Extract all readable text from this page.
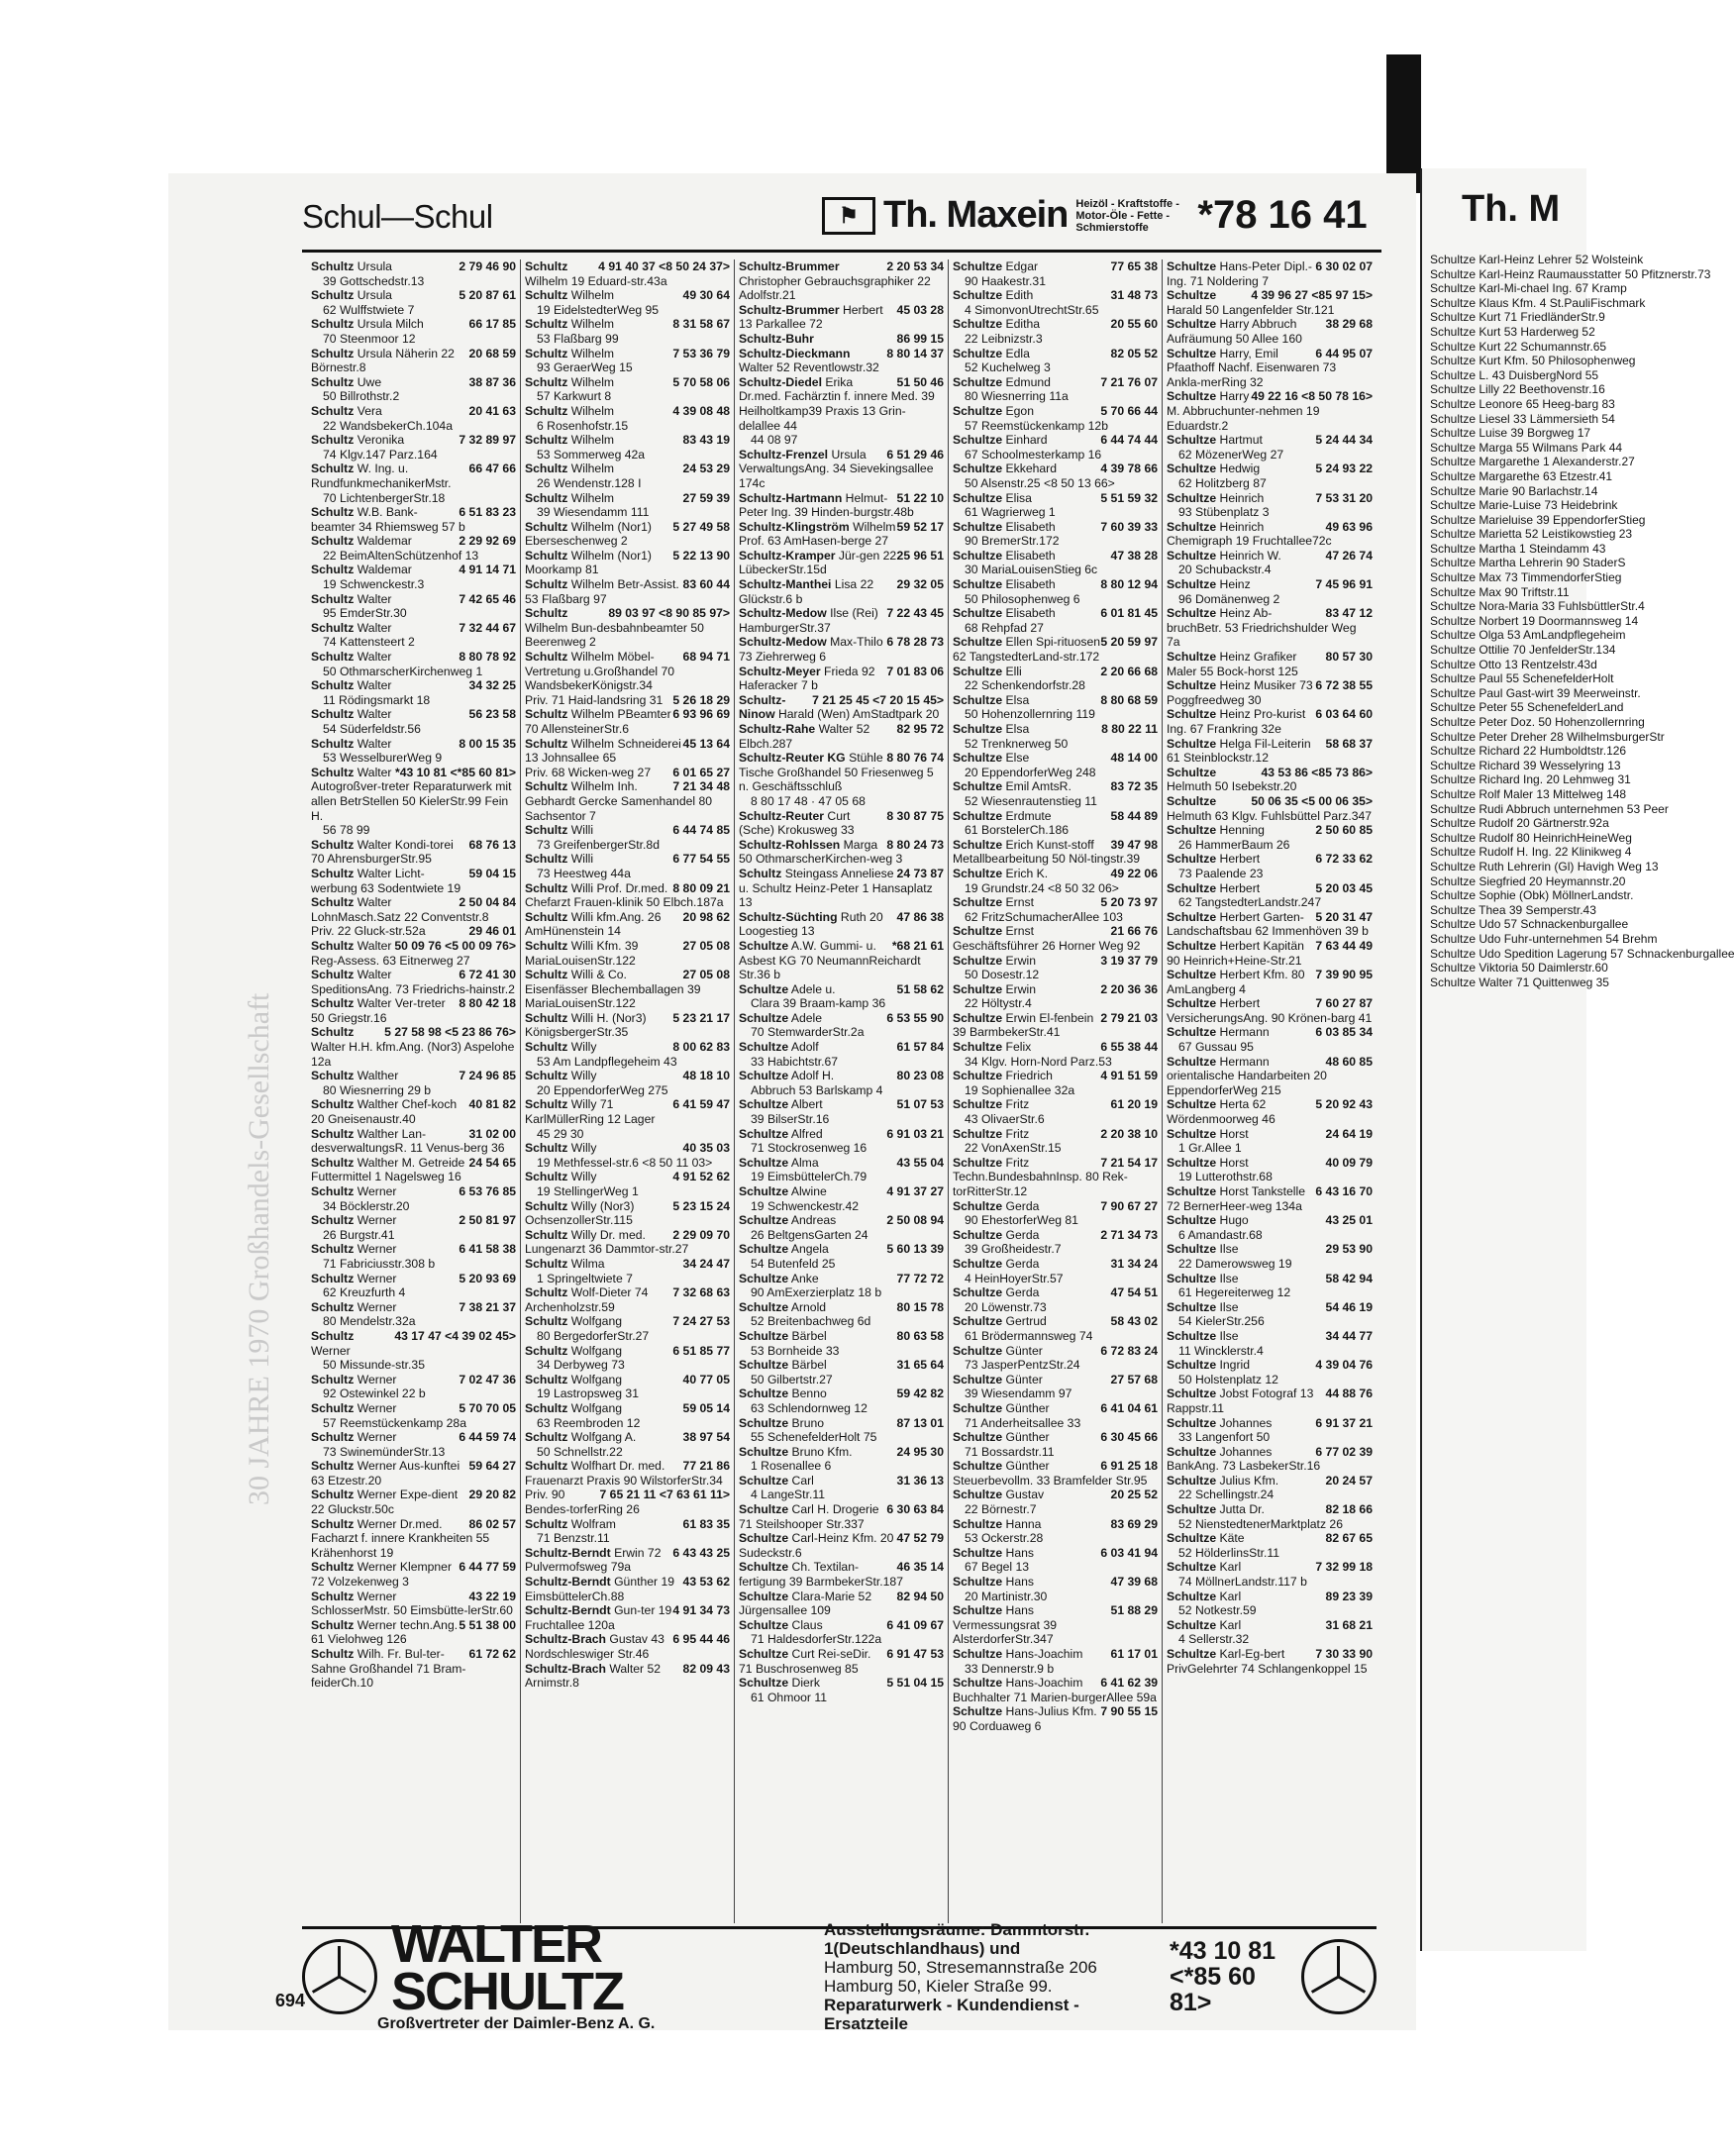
Th. M
Schultze Karl-Heinz Lehrer 52 Wolsteink
Schultze Karl-Heinz Raumausstatter 50 Pfitznerstr.73
Schultze Karl-Mi-chael Ing. 67 Kramp
Schultze Klaus Kfm. 4 St.PauliFischmark
Schultze Kurt 71 FriedländerStr.9
Schultze Kurt 53 Harderweg 52
Schultze Kurt 22 Schumannstr.65
Schultze Kurt Kfm. 50 Philosophenweg
Schultze L. 43 DuisbergNord 55
Schultze Lilly 22 Beethovenstr.16
Schultze Leonore 65 Heeg-barg 83
Schultze Liesel 33 Lämmersieth 54
Schultze Luise 39 Borgweg 17
Schultze Marga 55 Wilmans Park 44
Schultze Margarethe 1 Alexanderstr.27
Schultze Margarethe 63 Etzestr.41
Schultze Marie 90 Barlachstr.14
Schultze Marie-Luise 73 Heidebrink
Schultze Marieluise 39 EppendorferStieg
Schultze Marietta 52 Leistikowstieg 23
Schultze Martha 1 Steindamm 43
Schultze Martha Lehrerin 90 StaderS
Schultze Max 73 TimmendorferStieg
Schultze Max 90 Triftstr.11
Schultze Nora-Maria 33 FuhlsbüttlerStr.4
Schultze Norbert 19 Doormannsweg 14
Schultze Olga 53 AmLandpflegeheim
Schultze Ottilie 70 JenfelderStr.134
Schultze Otto 13 Rentzelstr.43d
Schultze Paul 55 SchenefelderHolt
Schultze Paul Gast-wirt 39 Meerweinstr.
Schultze Peter 55 SchenefelderLand
Schultze Peter Doz. 50 Hohenzollernring
Schultze Peter Dreher 28 WilhelmsburgerStr
Schultze Richard 22 Humboldtstr.126
Schultze Richard 39 Wesselyring 13
Schultze Richard Ing. 20 Lehmweg 31
Schultze Rolf Maler 13 Mittelweg 148
Schultze Rudi Abbruch unternehmen 53 Peer
Schultze Rudolf 20 Gärtnerstr.92a
Schultze Rudolf 80 HeinrichHeineWeg
Schultze Rudolf H. Ing. 22 Klinikweg 4
Schultze Ruth Lehrerin (Gl) Havigh Weg 13
Schultze Siegfried 20 Heymannstr.20
Schultze Sophie (Obk) MöllnerLandstr.
Schultze Thea 39 Semperstr.43
Schultze Udo 57 Schnackenburgallee
Schultze Udo Fuhr-unternehmen 54 Brehm
Schultze Udo Spedition Lagerung 57 Schnackenburgallee
Schultze Viktoria 50 Daimlerstr.60
Schultze Walter 71 Quittenweg 35
30 JAHRE 1970 Großhandels-Gesellschaft
Schul—Schul	⚑ Th. Maxein Heizöl - Kraftstoffe - Motor-Öle - Fette - Schmierstoffe	*78 16 41
2 79 46 90
Schultz Ursula
39 Gottschedstr.13
5 20 87 61
Schultz Ursula
62 Wulffstwiete 7
66 17 85
Schultz Ursula Milch
70 Steenmoor 12
20 68 59
Schultz Ursula Näherin 22 Börnestr.8
38 87 36
Schultz Uwe
50 Billrothstr.2
20 41 63
Schultz Vera
22 WandsbekerCh.104a
7 32 89 97
Schultz Veronika
74 Klgv.147 Parz.164
66 47 66
Schultz W. Ing. u. RundfunkmechanikerMstr.
70 LichtenbergerStr.18
6 51 83 23
Schultz W.B. Bank-beamter 34 Rhiemsweg 57 b
2 29 92 69
Schultz Waldemar
22 BeimAltenSchützenhof 13
4 91 14 71
Schultz Waldemar
19 Schwenckestr.3
7 42 65 46
Schultz Walter
95 EmderStr.30
7 32 44 67
Schultz Walter
74 Kattensteert 2
8 80 78 92
Schultz Walter
50 OthmarscherKirchenweg 1
34 32 25
Schultz Walter
11 Rödingsmarkt 18
56 23 58
Schultz Walter
54 Süderfeldstr.56
8 00 15 35
Schultz Walter
53 WesselburerWeg 9
*43 10 81 <*85 60 81>
Schultz Walter Autogroßver-treter Reparaturwerk mit allen BetrStellen 50 KielerStr.99 Fein H.
56 78 99
68 76 13
Schultz Walter Kondi-torei 70 AhrensburgerStr.95
59 04 15
Schultz Walter Licht-werbung 63 Sodentwiete 19
2 50 04 84
Schultz Walter LohnMasch.Satz 22 Conventstr.8
29 46 01
Priv. 22 Gluck-str.52a
50 09 76 <5 00 09 76>
Schultz Walter Reg-Assess. 63 Eitnerweg 27
6 72 41 30
Schultz Walter SpeditionsAng. 73 Friedrichs-hainstr.2
8 80 42 18
Schultz Walter Ver-treter 50 Griegstr.16
5 27 58 98 <5 23 86 76>
Schultz Walter H.H. kfm.Ang. (Nor3) Aspelohe 12a
7 24 96 85
Schultz Walther
80 Wiesnerring 29 b
40 81 82
Schultz Walther Chef-koch 20 Gneisenaustr.40
31 02 00
Schultz Walther Lan-desverwaltungsR. 11 Venus-berg 36
24 54 65
Schultz Walther M. Getreide Futtermittel 1 Nagelsweg 16
6 53 76 85
Schultz Werner
34 Böcklerstr.20
2 50 81 97
Schultz Werner
26 Burgstr.41
6 41 58 38
Schultz Werner
71 Fabriciusstr.308 b
5 20 93 69
Schultz Werner
62 Kreuzfurth 4
7 38 21 37
Schultz Werner
80 Mendelstr.32a
43 17 47 <4 39 02 45>
Schultz Werner
50 Missunde-str.35
7 02 47 36
Schultz Werner
92 Ostewinkel 22 b
5 70 70 05
Schultz Werner
57 Reemstückenkamp 28a
6 44 59 74
Schultz Werner
73 SwinemünderStr.13
59 64 27
Schultz Werner Aus-kunftei 63 Etzestr.20
29 20 82
Schultz Werner Expe-dient 22 Gluckstr.50c
86 02 57
Schultz Werner Dr.med. Facharzt f. innere Krankheiten 55 Krähenhorst 19
6 44 77 59
Schultz Werner Klempner 72 Volzekenweg 3
43 22 19
Schultz Werner SchlosserMstr. 50 Eimsbütte-lerStr.60
5 51 38 00
Schultz Werner techn.Ang. 61 Vielohweg 126
61 72 62
Schultz Wilh. Fr. Bul-ter-Sahne Großhandel 71 Bram-feiderCh.10
4 91 40 37 <8 50 24 37>
Schultz Wilhelm 19 Eduard-str.43a
49 30 64
Schultz Wilhelm
19 EidelstedterWeg 95
8 31 58 67
Schultz Wilhelm
53 Flaßbarg 99
7 53 36 79
Schultz Wilhelm
93 GeraerWeg 15
5 70 58 06
Schultz Wilhelm
57 Karkwurt 8
4 39 08 48
Schultz Wilhelm
6 Rosenhofstr.15
83 43 19
Schultz Wilhelm
53 Sommerweg 42a
24 53 29
Schultz Wilhelm
26 Wendenstr.128 I
27 59 39
Schultz Wilhelm
39 Wiesendamm 111
5 27 49 58
Schultz Wilhelm (Nor1) Eberseschenweg 2
5 22 13 90
Schultz Wilhelm (Nor1) Moorkamp 81
83 60 44
Schultz Wilhelm Betr-Assist. 53 Flaßbarg 97
89 03 97 <8 90 85 97>
Schultz Wilhelm Bun-desbahnbeamter 50 Beerenweg 2
68 94 71
Schultz Wilhelm Möbel-Vertretung u.Großhandel 70 WandsbekerKönigstr.34
5 26 18 29
Priv. 71 Haid-landsring 31
6 93 96 69
Schultz Wilhelm PBeamter 70 AllensteinerStr.6
45 13 64
Schultz Wilhelm Schneiderei 13 Johnsallee 65
6 01 65 27
Priv. 68 Wicken-weg 27
7 21 34 48
Schultz Wilhelm Inh. Gebhardt Gercke Samenhandel 80 Sachsentor 7
6 44 74 85
Schultz Willi
73 GreifenbergerStr.8d
6 77 54 55
Schultz Willi
73 Heestweg 44a
8 80 09 21
Schultz Willi Prof. Dr.med. Chefarzt Frauen-klinik 50 Elbch.187a
20 98 62
Schultz Willi kfm.Ang. 26 AmHünenstein 14
27 05 08
Schultz Willi Kfm. 39 MariaLouisenStr.122
27 05 08
Schultz Willi & Co. Eisenfässer Blechemballagen 39 MariaLouisenStr.122
5 23 21 17
Schultz Willi H. (Nor3) KönigsbergerStr.35
8 00 62 83
Schultz Willy
53 Am Landpflegeheim 43
48 18 10
Schultz Willy
20 EppendorferWeg 275
6 41 59 47
Schultz Willy 71 KarlMüllerRing 12 Lager
45 29 30
40 35 03
Schultz Willy
19 Methfessel-str.6 <8 50 11 03>
4 91 52 62
Schultz Willy
19 StellingerWeg 1
5 23 15 24
Schultz Willy (Nor3) OchsenzollerStr.115
2 29 09 70
Schultz Willy Dr. med. Lungenarzt 36 Dammtor-str.27
34 24 47
Schultz Wilma
1 Springeltwiete 7
7 32 68 63
Schultz Wolf-Dieter 74 Archenholzstr.59
7 24 27 53
Schultz Wolfgang
80 BergedorferStr.27
6 51 85 77
Schultz Wolfgang
34 Derbyweg 73
40 77 05
Schultz Wolfgang
19 Lastropsweg 31
59 05 14
Schultz Wolfgang
63 Reembroden 12
38 97 54
Schultz Wolfgang A.
50 Schnellstr.22
77 21 86
Schultz Wolfhart Dr. med. Frauenarzt Praxis 90 WilstorferStr.34
7 65 21 11 <7 63 61 11>
Priv. 90 Bendes-torferRing 26
61 83 35
Schultz Wolfram
71 Benzstr.11
6 43 43 25
Schultz-Berndt Erwin 72 Pulvermofsweg 79a
43 53 62
Schultz-Berndt Günther 19 EimsbüttelerCh.88
4 91 34 73
Schultz-Berndt Gun-ter 19 Fruchtallee 120a
6 95 44 46
Schultz-Brach Gustav 43 Nordschleswiger Str.46
82 09 43
Schultz-Brach Walter 52 Arnimstr.8
2 20 53 34
Schultz-Brummer Christopher Gebrauchsgraphiker 22 Adolfstr.21
45 03 28
Schultz-Brummer Herbert 13 Parkallee 72
86 99 15
Schultz-Buhr
8 80 14 37
Schultz-Dieckmann Walter 52 Reventlowstr.32
51 50 46
Schultz-Diedel Erika Dr.med. Fachärztin f. innere Med. 39 Heilholtkamp39 Praxis 13 Grin-delallee 44
44 08 97
6 51 29 46
Schultz-Frenzel Ursula VerwaltungsAng. 34 Sievekingsallee 174c
51 22 10
Schultz-Hartmann Helmut-Peter Ing. 39 Hinden-burgstr.48b
59 52 17
Schultz-Klingström Wilhelm Prof. 63 AmHasen-berge 27
25 96 51
Schultz-Kramper Jür-gen 22 LübeckerStr.15d
29 32 05
Schultz-Manthei Lisa 22 Glückstr.6 b
7 22 43 45
Schultz-Medow Ilse (Rei) HamburgerStr.37
6 78 28 73
Schultz-Medow Max-Thilo 73 Ziehrerweg 6
7 01 83 06
Schultz-Meyer Frieda 92 Haferacker 7 b
7 21 25 45 <7 20 15 45>
Schultz-Ninow Harald (Wen) AmStadtpark 20
82 95 72
Schultz-Rahe Walter 52 Elbch.287
8 80 76 74
Schultz-Reuter KG Stühle Tische Großhandel 50 Friesenweg 5 n. Geschäftsschluß
8 80 17 48 · 47 05 68
8 30 87 75
Schultz-Reuter Curt (Sche) Krokusweg 33
8 80 24 73
Schultz-Rohlssen Marga 50 OthmarscherKirchen-weg 3
24 73 87
Schultz Steingass Anneliese u. Schultz Heinz-Peter 1 Hansaplatz 13
47 86 38
Schultz-Süchting Ruth 20 Loogestieg 13
*68 21 61
Schultze A.W. Gummi- u. Asbest KG 70 NeumannReichardt Str.36 b
51 58 62
Schultze Adele u.
Clara 39 Braam-kamp 36
6 53 55 90
Schultze Adele
70 StemwarderStr.2a
61 57 84
Schultze Adolf
33 Habichtstr.67
80 23 08
Schultze Adolf H.
Abbruch 53 Barlskamp 4
51 07 53
Schultze Albert
39 BilserStr.16
6 91 03 21
Schultze Alfred
71 Stockrosenweg 16
43 55 04
Schultze Alma
19 EimsbüttelerCh.79
4 91 37 27
Schultze Alwine
19 Schwenckestr.42
2 50 08 94
Schultze Andreas
26 BeltgensGarten 24
5 60 13 39
Schultze Angela
54 Butenfeld 25
77 72 72
Schultze Anke
90 AmExerzierplatz 18 b
80 15 78
Schultze Arnold
52 Breitenbachweg 6d
80 63 58
Schultze Bärbel
53 Bornheide 33
31 65 64
Schultze Bärbel
50 Gilbertstr.27
59 42 82
Schultze Benno
63 Schlendornweg 12
87 13 01
Schultze Bruno
55 SchenefelderHolt 75
24 95 30
Schultze Bruno Kfm.
1 Rosenallee 6
31 36 13
Schultze Carl
4 LangeStr.11
6 30 63 84
Schultze Carl H. Drogerie 71 Steilshooper Str.337
47 52 79
Schultze Carl-Heinz Kfm. 20 Sudeckstr.6
46 35 14
Schultze Ch. Textilan-fertigung 39 BarmbekerStr.187
82 94 50
Schultze Clara-Marie 52 Jürgensallee 109
6 41 09 67
Schultze Claus
71 HaldesdorferStr.122a
6 91 47 53
Schultze Curt Rei-seDir. 71 Buschrosenweg 85
5 51 04 15
Schultze Dierk
61 Ohmoor 11
77 65 38
Schultze Edgar
90 Haakestr.31
31 48 73
Schultze Edith
4 SimonvonUtrechtStr.65
20 55 60
Schultze Editha
22 Leibnizstr.3
82 05 52
Schultze Edla
52 Kuchelweg 3
7 21 76 07
Schultze Edmund
80 Wiesnerring 11a
5 70 66 44
Schultze Egon
57 Reemstückenkamp 12b
6 44 74 44
Schultze Einhard
67 Schoolmesterkamp 16
4 39 78 66
Schultze Ekkehard
50 Alsenstr.25 <8 50 13 66>
5 51 59 32
Schultze Elisa
61 Wagrierweg 1
7 60 39 33
Schultze Elisabeth
90 BremerStr.172
47 38 28
Schultze Elisabeth
30 MariaLouisenStieg 6c
8 80 12 94
Schultze Elisabeth
50 Philosophenweg 6
6 01 81 45
Schultze Elisabeth
68 Rehpfad 27
5 20 59 97
Schultze Ellen Spi-rituosen 62 TangstedterLand-str.172
2 20 66 68
Schultze Elli
22 Schenkendorfstr.28
8 80 68 59
Schultze Elsa
50 Hohenzollernring 119
8 80 22 11
Schultze Elsa
52 Trenknerweg 50
48 14 00
Schultze Else
20 EppendorferWeg 248
83 72 35
Schultze Emil AmtsR.
52 Wiesenrautenstieg 11
58 44 89
Schultze Erdmute
61 BorstelerCh.186
39 47 98
Schultze Erich Kunst-stoff Metallbearbeitung 50 Nöl-tingstr.39
49 22 06
Schultze Erich K.
19 Grundstr.24 <8 50 32 06>
5 20 73 97
Schultze Ernst
62 FritzSchumacherAllee 103
21 66 76
Schultze Ernst Geschäftsführer 26 Horner Weg 92
3 19 37 79
Schultze Erwin
50 Dosestr.12
2 20 36 36
Schultze Erwin
22 Höltystr.4
2 79 21 03
Schultze Erwin El-fenbein 39 BarmbekerStr.41
6 55 38 44
Schultze Felix
34 Klgv. Horn-Nord Parz.53
4 91 51 59
Schultze Friedrich
19 Sophienallee 32a
61 20 19
Schultze Fritz
43 OlivaerStr.6
2 20 38 10
Schultze Fritz
22 VonAxenStr.15
7 21 54 17
Schultze Fritz Techn.BundesbahnInsp. 80 Rek-torRitterStr.12
7 90 67 27
Schultze Gerda
90 EhestorferWeg 81
2 71 34 73
Schultze Gerda
39 Großheidestr.7
31 34 24
Schultze Gerda
4 HeinHoyerStr.57
47 54 51
Schultze Gerda
20 Löwenstr.73
58 43 02
Schultze Gertrud
61 Brödermannsweg 74
6 72 83 24
Schultze Günter
73 JasperPentzStr.24
27 57 68
Schultze Günter
39 Wiesendamm 97
6 41 04 61
Schultze Günther
71 Anderheitsallee 33
6 30 45 66
Schultze Günther
71 Bossardstr.11
6 91 25 18
Schultze Günther Steuerbevollm. 33 Bramfelder Str.95
20 25 52
Schultze Gustav
22 Börnestr.7
83 69 29
Schultze Hanna
53 Ockerstr.28
6 03 41 94
Schultze Hans
67 Begel 13
47 39 68
Schultze Hans
20 Martinistr.30
51 88 29
Schultze Hans Vermessungsrat 39 AlsterdorferStr.347
61 17 01
Schultze Hans-Joachim
33 Dennerstr.9 b
6 41 62 39
Schultze Hans-Joachim Buchhalter 71 Marien-burgerAllee 59a
7 90 55 15
Schultze Hans-Julius Kfm. 90 Corduaweg 6
6 30 02 07
Schultze Hans-Peter Dipl.-Ing. 71 Noldering 7
4 39 96 27 <85 97 15>
Schultze Harald 50 Langenfelder Str.121
38 29 68
Schultze Harry Abbruch Aufräumung 50 Allee 160
6 44 95 07
Schultze Harry, Emil Pfaathoff Nachf. Eisenwaren 73 Ankla-merRing 32
49 22 16 <8 50 78 16>
Schultze Harry M. Abbruchunter-nehmen 19 Eduardstr.2
5 24 44 34
Schultze Hartmut
62 MözenerWeg 27
5 24 93 22
Schultze Hedwig
62 Holitzberg 87
7 53 31 20
Schultze Heinrich
93 Stübenplatz 3
49 63 96
Schultze Heinrich Chemigraph 19 Fruchtallee72c
47 26 74
Schultze Heinrich W.
20 Schubackstr.4
7 45 96 91
Schultze Heinz
96 Domänenweg 2
83 47 12
Schultze Heinz Ab-bruchBetr. 53 Friedrichshulder Weg 7a
80 57 30
Schultze Heinz Grafiker Maler 55 Bock-horst 125
6 72 38 55
Schultze Heinz Musiker 73 Poggfreedweg 30
6 03 64 60
Schultze Heinz Pro-kurist Ing. 67 Frankring 32e
58 68 37
Schultze Helga Fil-Leiterin 61 Steinblockstr.12
43 53 86 <85 73 86>
Schultze Helmuth 50 Isebekstr.20
50 06 35 <5 00 06 35>
Schultze Helmuth 63 Klgv. Fuhlsbüttel Parz.347
2 50 60 85
Schultze Henning
26 HammerBaum 26
6 72 33 62
Schultze Herbert
73 Paalende 23
5 20 03 45
Schultze Herbert
62 TangstedterLandstr.247
5 20 31 47
Schultze Herbert Garten- Landschaftsbau 62 Immenhöven 39 b
7 63 44 49
Schultze Herbert Kapitän 90 Heinrich+Heine-Str.21
7 39 90 95
Schultze Herbert Kfm. 80 AmLangberg 4
7 60 27 87
Schultze Herbert VersicherungsAng. 90 Krönen-barg 41
6 03 85 34
Schultze Hermann
67 Gussau 95
48 60 85
Schultze Hermann orientalische Handarbeiten 20 EppendorferWeg 215
5 20 92 43
Schultze Herta 62 Wördenmoorweg 46
24 64 19
Schultze Horst
1 Gr.Allee 1
40 09 79
Schultze Horst
19 Lutterothstr.68
6 43 16 70
Schultze Horst Tankstelle 72 BernerHeer-weg 134a
43 25 01
Schultze Hugo
6 Amandastr.68
29 53 90
Schultze Ilse
22 Damerowsweg 19
58 42 94
Schultze Ilse
61 Hegereiterweg 12
54 46 19
Schultze Ilse
54 KielerStr.256
34 44 77
Schultze Ilse
11 Wincklerstr.4
4 39 04 76
Schultze Ingrid
50 Holstenplatz 12
44 88 76
Schultze Jobst Fotograf 13 Rappstr.11
6 91 37 21
Schultze Johannes
33 Langenfort 50
6 77 02 39
Schultze Johannes BankAng. 73 LasbekerStr.16
20 24 57
Schultze Julius Kfm.
22 Schellingstr.24
82 18 66
Schultze Jutta Dr.
52 NienstedtenerMarktplatz 26
82 67 65
Schultze Käte
52 HölderlinsStr.11
7 32 99 18
Schultze Karl
74 MöllnerLandstr.117 b
89 23 39
Schultze Karl
52 Notkestr.59
31 68 21
Schultze Karl
4 Sellerstr.32
7 30 33 90
Schultze Karl-Eg-bert PrivGelehrter 74 Schlangenkoppel 15
WALTER SCHULTZ
Großvertreter der Daimler-Benz A. G.
Ausstellungsräume: Dammtorstr. 1(Deutschlandhaus) und
Hamburg 50, Stresemannstraße 206
Hamburg 50, Kieler Straße 99.
Reparaturwerk - Kundendienst - Ersatzteile
*43 10 81
<*85 60 81>
694
